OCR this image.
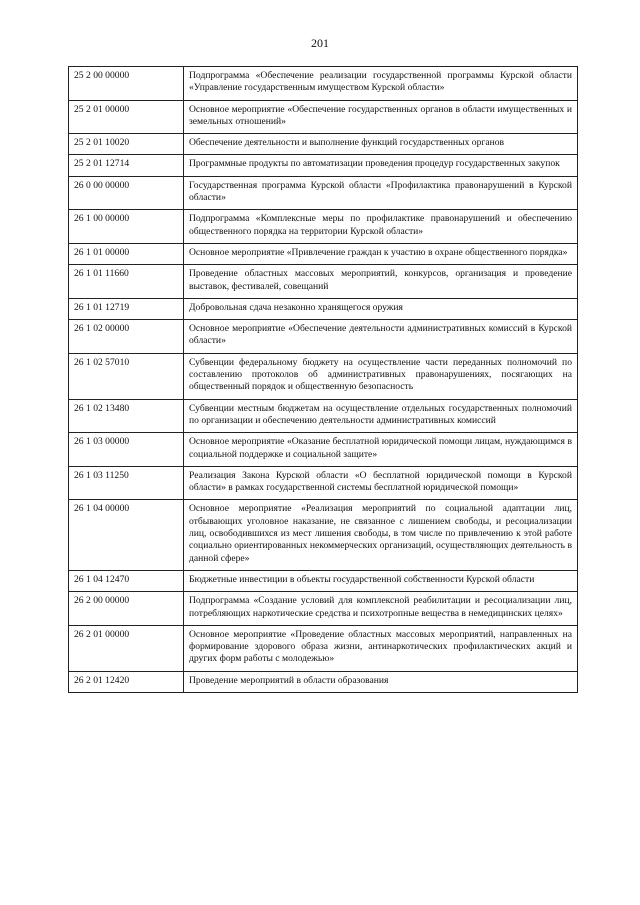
201
25 2 00 00000	Подпрограмма «Обеспечение реализации государственной программы Курской области «Управление государственным имуществом Курской области»
25 2 01 00000	Основное мероприятие «Обеспечение государственных органов в области имущественных и земельных отношений»
25 2 01 10020	Обеспечение деятельности и выполнение функций государственных органов
25 2 01 12714	Программные продукты по автоматизации проведения процедур государственных закупок
26 0 00 00000	Государственная программа Курской области «Профилактика правонарушений в Курской области»
26 1 00 00000	Подпрограмма «Комплексные меры по профилактике правонарушений и обеспечению общественного порядка на территории Курской области»
26 1 01 00000	Основное мероприятие «Привлечение граждан к участию в охране общественного порядка»
26 1 01 11660	Проведение областных массовых мероприятий, конкурсов, организация и проведение выставок, фестивалей, совещаний
26 1 01 12719	Добровольная сдача незаконно хранящегося оружия
26 1 02 00000	Основное мероприятие «Обеспечение деятельности административных комиссий в Курской области»
26 1 02 57010	Субвенции федеральному бюджету на осуществление части переданных полномочий по составлению протоколов об административных правонарушениях, посягающих на общественный порядок и общественную безопасность
26 1 02 13480	Субвенции местным бюджетам на осуществление отдельных государственных полномочий по организации и обеспечению деятельности административных комиссий
26 1 03 00000	Основное мероприятие «Оказание бесплатной юридической помощи лицам, нуждающимся в социальной поддержке и социальной защите»
26 1 03 11250	Реализация Закона Курской области «О бесплатной юридической помощи в Курской области» в рамках государственной системы бесплатной юридической помощи»
26 1 04 00000	Основное мероприятие «Реализация мероприятий по социальной адаптации лиц, отбывающих уголовное наказание, не связанное с лишением свободы, и ресоциализации лиц, освободившихся из мест лишения свободы, в том числе по привлечению к этой работе социально ориентированных некоммерческих организаций, осуществляющих деятельность в данной сфере»
26 1 04 12470	Бюджетные инвестиции в объекты государственной собственности Курской области
26 2 00 00000	Подпрограмма «Создание условий для комплексной реабилитации и ресоциализации лиц, потребляющих наркотические средства и психотропные вещества в немедицинских целях»
26 2 01 00000	Основное мероприятие «Проведение областных массовых мероприятий, направленных на формирование здорового образа жизни, антинаркотических профилактических акций и других форм работы с молодежью»
26 2 01 12420	Проведение мероприятий в области образования
